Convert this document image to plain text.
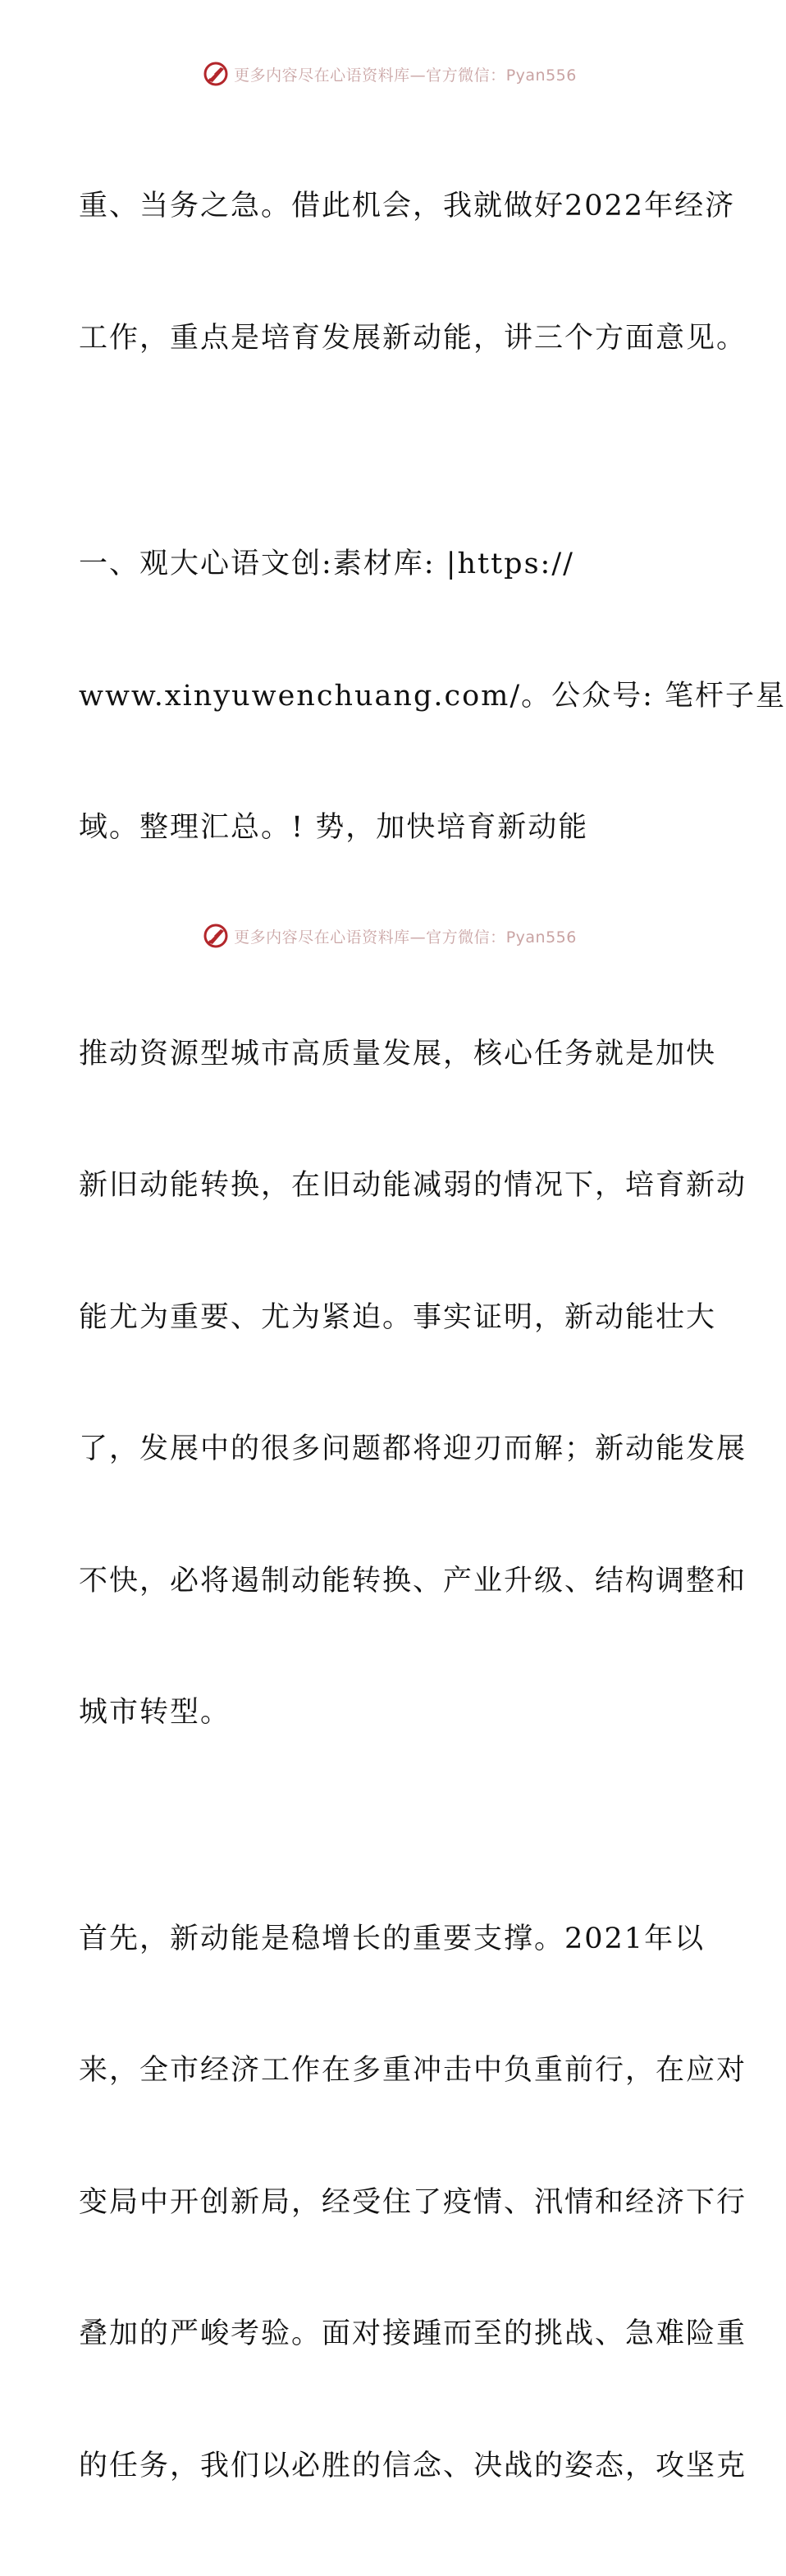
更多内容尽在心语资料库—官方微信：Pyan556

重、当务之急。借此机会，我就做好2022年经济

工作，重点是培育发展新动能，讲三个方面意见。

一、观大心语文创:素材库: |https://

www.xinyuwenchuang.com/。公众号: 笔杆子星

域。整理汇总。! 势，加快培育新动能

推动资源型城市高质量发展，核心任务就是加快

新旧动能转换，在旧动能减弱的情况下，培育新动

能尤为重要、尤为紧迫。事实证明，新动能壮大

了，发展中的很多问题都将迎刃而解；新动能发展

不快，必将遏制动能转换、产业升级、结构调整和

城市转型。

首先，新动能是稳增长的重要支撑。2021年以

来，全市经济工作在多重冲击中负重前行，在应对

变局中开创新局，经受住了疫情、汛情和经济下行

叠加的严峻考验。面对接踵而至的挑战、急难险重

的任务，我们以必胜的信念、决战的姿态，攻坚克

更多内容尽在心语资料库—官方微信：Pyan556
